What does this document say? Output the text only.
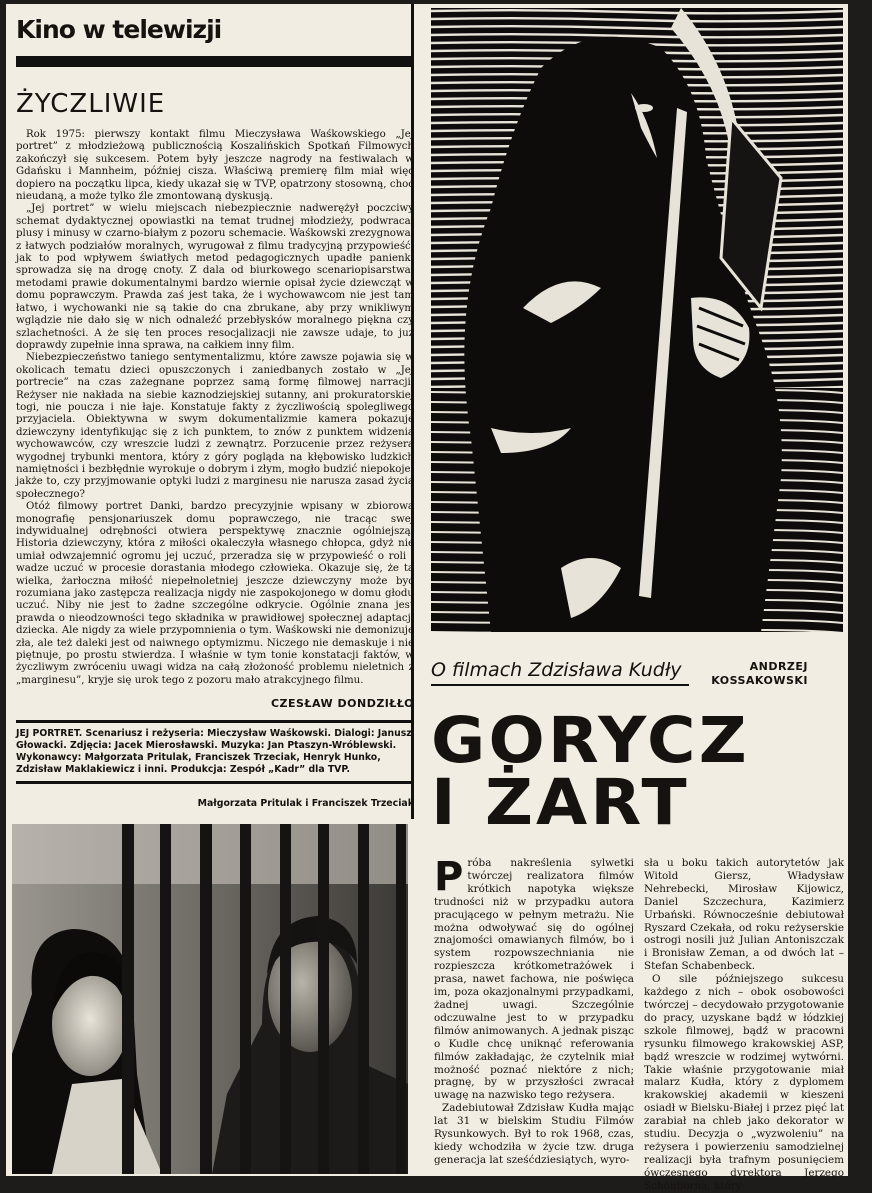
Kino w telewizji
ŻYCZLIWIE

Rok 1975: pierwszy kontakt filmu Mieczysława Waśkowskiego „Jej portret” z młodzieżową publicznością Koszalińskich Spotkań Filmowych zakończył się sukcesem. Potem były jeszcze nagrody na festiwalach w Gdańsku i Mannheim, później cisza. Właściwą premierę film miał więc dopiero na początku lipca, kiedy ukazał się w TVP, opatrzony stosowną, choć nieudaną, a może tylko źle zmontowaną dyskusją.

„Jej portret” w wielu miejscach niebezpiecznie nadwerężył poczciwy schemat dydaktycznej opowiastki na temat trudnej młodzieży, podwracał plusy i minusy w czarno-białym z pozoru schemacie. Waśkowski zrezygnował z łatwych podziałów moralnych, wyrugował z filmu tradycyjną przypowieść, jak to pod wpływem światłych metod pedagogicznych upadłe panienki sprowadza się na drogę cnoty. Z dala od biurkowego scenariopisarstwa, metodami prawie dokumentalnymi bardzo wiernie opisał życie dziewcząt w domu poprawczym. Prawda zaś jest taka, że i wychowawcom nie jest tam łatwo, i wychowanki nie są takie do cna zbrukane, aby przy wnikliwym wglądzie nie dało się w nich odnaleźć przebłysków moralnego piękna czy szlachetności. A że się ten proces resocjalizacji nie zawsze udaje, to już doprawdy zupełnie inna sprawa, na całkiem inny film.

Niebezpieczeństwo taniego sentymentalizmu, które zawsze pojawia się w okolicach tematu dzieci opuszczonych i zaniedbanych zostało w „Jej portrecie” na czas zażegnane poprzez samą formę filmowej narracji. Reżyser nie nakłada na siebie kaznodziejskiej sutanny, ani prokuratorskiej togi, nie poucza i nie łaje. Konstatuje fakty z życzliwością spolegliwego przyjaciela. Obiektywna w swym dokumentalizmie kamera pokazuje dziewczyny identyfikując się z ich punktem, to znów z punktem widzenia wychowawców, czy wreszcie ludzi z zewnątrz. Porzucenie przez reżysera wygodnej trybunki mentora, który z góry pogląda na kłębowisko ludzkich namiętności i bezbłędnie wyrokuje o dobrym i złym, mogło budzić niepokoje: jakże to, czy przyjmowanie optyki ludzi z marginesu nie narusza zasad życia społecznego?

Otóż filmowy portret Danki, bardzo precyzyjnie wpisany w zbiorową monografię pensjonariuszek domu poprawczego, nie tracąc swej indywidualnej odrębności otwiera perspektywę znacznie ogólniejszą. Historia dziewczyny, która z miłości okaleczyła własnego chłopca, gdyż nie umiał odwzajemnić ogromu jej uczuć, przeradza się w przypowieść o roli i wadze uczuć w procesie dorastania młodego człowieka. Okazuje się, że ta wielka, żarłoczna miłość niepełnoletniej jeszcze dziewczyny może być rozumiana jako zastępcza realizacja nigdy nie zaspokojonego w domu głodu uczuć. Niby nie jest to żadne szczególne odkrycie. Ogólnie znana jest prawda o nieodzowności tego składnika w prawidłowej społecznej adaptacji dziecka. Ale nigdy za wiele przypomnienia o tym. Waśkowski nie demonizuje zła, ale też daleki jest od naiwnego optymizmu. Niczego nie demaskuje i nie piętnuje, po prostu stwierdza. I właśnie w tym tonie konstatacji faktów, w życzliwym zwróceniu uwagi widza na całą złożoność problemu nieletnich z „marginesu”, kryje się urok tego z pozoru mało atrakcyjnego filmu.

CZESŁAW DONDZIŁŁO
JEJ PORTRET. Scenariusz i reżyseria: Mieczysław Waśkowski. Dialogi: Janusz Głowacki. Zdjęcia: Jacek Mierosławski. Muzyka: Jan Ptaszyn-Wróblewski. Wykonawcy: Małgorzata Pritulak, Franciszek Trzeciak, Henryk Hunko, Zdzisław Maklakiewicz i inni. Produkcja: Zespół „Kadr” dla TVP.
Małgorzata Pritulak i Franciszek Trzeciak
O filmach Zdzisława Kudły	ANDRZEJ
KOSSAKOWSKI
GORYCZ
I ŻART

Próba nakreślenia sylwetki twórczej realizatora filmów krótkich napotyka większe trudności niż w przypadku autora pracującego w pełnym metrażu. Nie można odwoływać się do ogólnej znajomości omawianych filmów, bo i system rozpowszechniania nie rozpieszcza krótkometrażówek i prasa, nawet fachowa, nie poświęca im, poza okazjonalnymi przypadkami, żadnej uwagi. Szczególnie odczuwalne jest to w przypadku filmów animowanych. A jednak pisząc o Kudle chcę uniknąć referowania filmów zakładając, że czytelnik miał możność poznać niektóre z nich; pragnę, by w przyszłości zwracał uwagę na nazwisko tego reżysera.

Zadebiutował Zdzisław Kudła mając lat 31 w bielskim Studiu Filmów Rysunkowych. Był to rok 1968, czas, kiedy wchodziła w życie tzw. druga generacja lat sześćdziesiątych, wyro-

sła u boku takich autorytetów jak Witold Giersz, Władysław Nehrebecki, Mirosław Kijowicz, Daniel Szczechura, Kazimierz Urbański. Równocześnie debiutował Ryszard Czekała, od roku reżyserskie ostrogi nosili już Julian Antoniszczak i Bronisław Zeman, a od dwóch lat – Stefan Schabenbeck.

O sile późniejszego sukcesu każdego z nich – obok osobowości twórczej – decydowało przygotowanie do pracy, uzyskane bądź w łódzkiej szkole filmowej, bądź w pracowni rysunku filmowego krakowskiej ASP, bądź wreszcie w rodzimej wytwórni. Takie właśnie przygotowanie miał malarz Kudła, który z dyplomem krakowskiej akademii w kieszeni osiadł w Bielsku-Białej i przez pięć lat zarabiał na chleb jako dekorator w studiu. Decyzja o „wyzwoleniu” na reżysera i powierzeniu samodzielnej realizacji była trafnym posunięciem ówczesnego dyrektora Jerzego Schönborna, który
